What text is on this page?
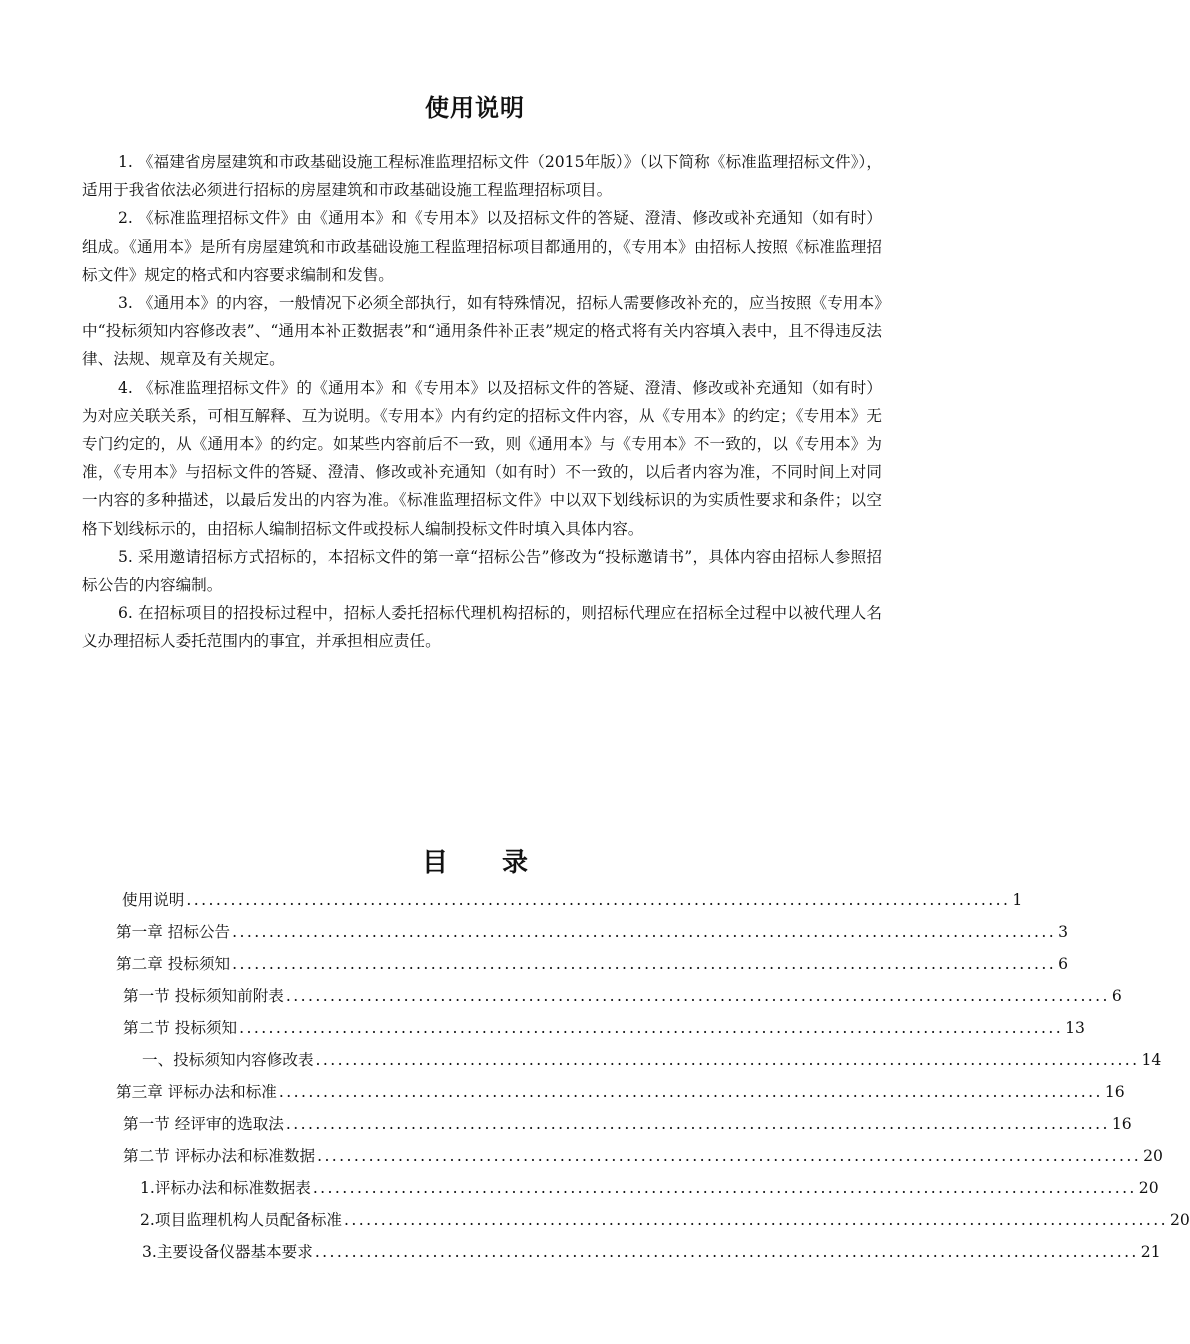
使用说明

1. 《福建省房屋建筑和市政基础设施工程标准监理招标文件（2015年版）》（以下简称《标准监理招标文件》），适用于我省依法必须进行招标的房屋建筑和市政基础设施工程监理招标项目。

2. 《标准监理招标文件》由《通用本》和《专用本》以及招标文件的答疑、澄清、修改或补充通知（如有时）组成。《通用本》是所有房屋建筑和市政基础设施工程监理招标项目都通用的，《专用本》由招标人按照《标准监理招标文件》规定的格式和内容要求编制和发售。

3. 《通用本》的内容，一般情况下必须全部执行，如有特殊情况，招标人需要修改补充的，应当按照《专用本》中“投标须知内容修改表”、“通用本补正数据表”和“通用条件补正表”规定的格式将有关内容填入表中，且不得违反法律、法规、规章及有关规定。

4. 《标准监理招标文件》的《通用本》和《专用本》以及招标文件的答疑、澄清、修改或补充通知（如有时）为对应关联关系，可相互解释、互为说明。《专用本》内有约定的招标文件内容，从《专用本》的约定；《专用本》无专门约定的，从《通用本》的约定。如某些内容前后不一致，则《通用本》与《专用本》不一致的，以《专用本》为准，《专用本》与招标文件的答疑、澄清、修改或补充通知（如有时）不一致的，以后者内容为准，不同时间上对同一内容的多种描述，以最后发出的内容为准。《标准监理招标文件》中以双下划线标识的为实质性要求和条件；以空格下划线标示的，由招标人编制招标文件或投标人编制投标文件时填入具体内容。

5. 采用邀请招标方式招标的，本招标文件的第一章“招标公告”修改为“投标邀请书”，具体内容由招标人参照招标公告的内容编制。

6. 在招标项目的招投标过程中，招标人委托招标代理机构招标的，则招标代理应在招标全过程中以被代理人名义办理招标人委托范围内的事宜，并承担相应责任。

目 录
使用说明 ................................................................................................................ 1
第一章 招标公告 ................................................................................................................ 3
第二章 投标须知 ................................................................................................................ 6
第一节 投标须知前附表 ................................................................................................................ 6
第二节 投标须知 ................................................................................................................ 13
一、投标须知内容修改表 ................................................................................................................ 14
第三章 评标办法和标准 ................................................................................................................ 16
第一节 经评审的选取法 ................................................................................................................ 16
第二节 评标办法和标准数据 ................................................................................................................ 20
1.评标办法和标准数据表 ................................................................................................................ 20
2.项目监理机构人员配备标准 ................................................................................................................ 20
3.主要设备仪器基本要求 ................................................................................................................ 21
